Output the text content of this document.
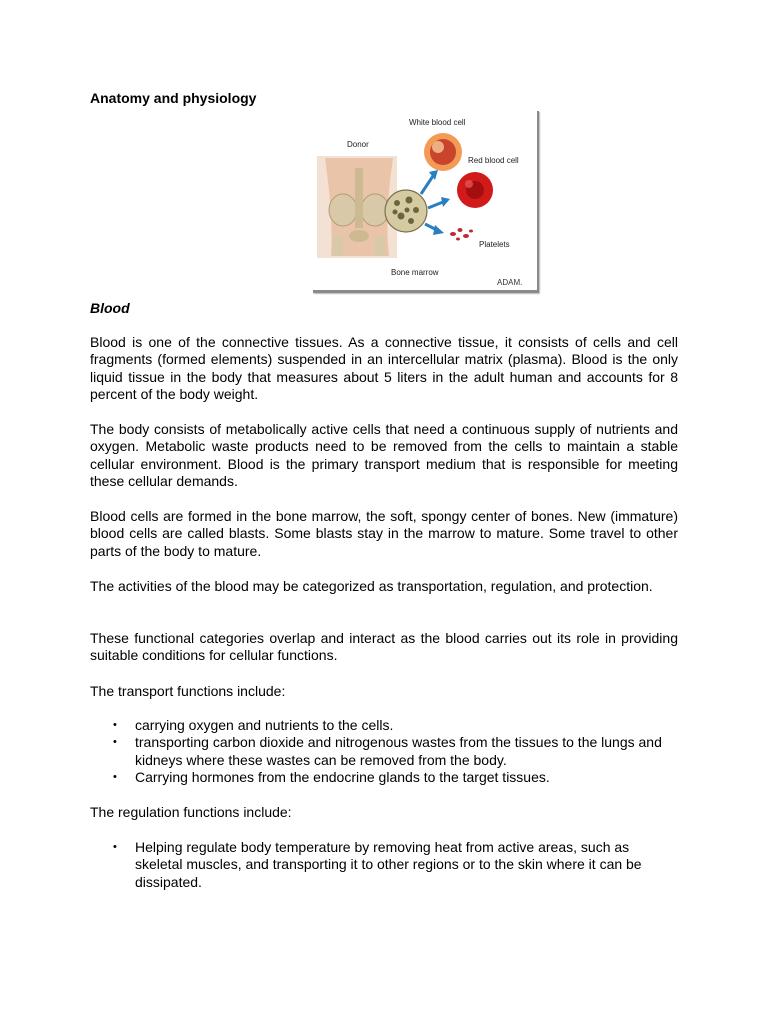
Anatomy and physiology
White blood cell
Donor
Red blood cell
Platelets
Bone marrow
ADAM.
Blood

Blood is one of the connective tissues. As a connective tissue, it consists of cells and cell fragments (formed elements) suspended in an intercellular matrix (plasma). Blood is the only liquid tissue in the body that measures about 5 liters in the adult human and accounts for 8 percent of the body weight.

The body consists of metabolically active cells that need a continuous supply of nutrients and oxygen. Metabolic waste products need to be removed from the cells to maintain a stable cellular environment. Blood is the primary transport medium that is responsible for meeting these cellular demands.

Blood cells are formed in the bone marrow, the soft, spongy center of bones. New (immature) blood cells are called blasts. Some blasts stay in the marrow to mature. Some travel to other parts of the body to mature.

The activities of the blood may be categorized as transportation, regulation, and protection.

These functional categories overlap and interact as the blood carries out its role in providing suitable conditions for cellular functions.

The transport functions include:

• carrying oxygen and nutrients to the cells.
• transporting carbon dioxide and nitrogenous wastes from the tissues to the lungs and kidneys where these wastes can be removed from the body.
• Carrying hormones from the endocrine glands to the target tissues.

The regulation functions include:

• Helping regulate body temperature by removing heat from active areas, such as skeletal muscles, and transporting it to other regions or to the skin where it can be dissipated.
